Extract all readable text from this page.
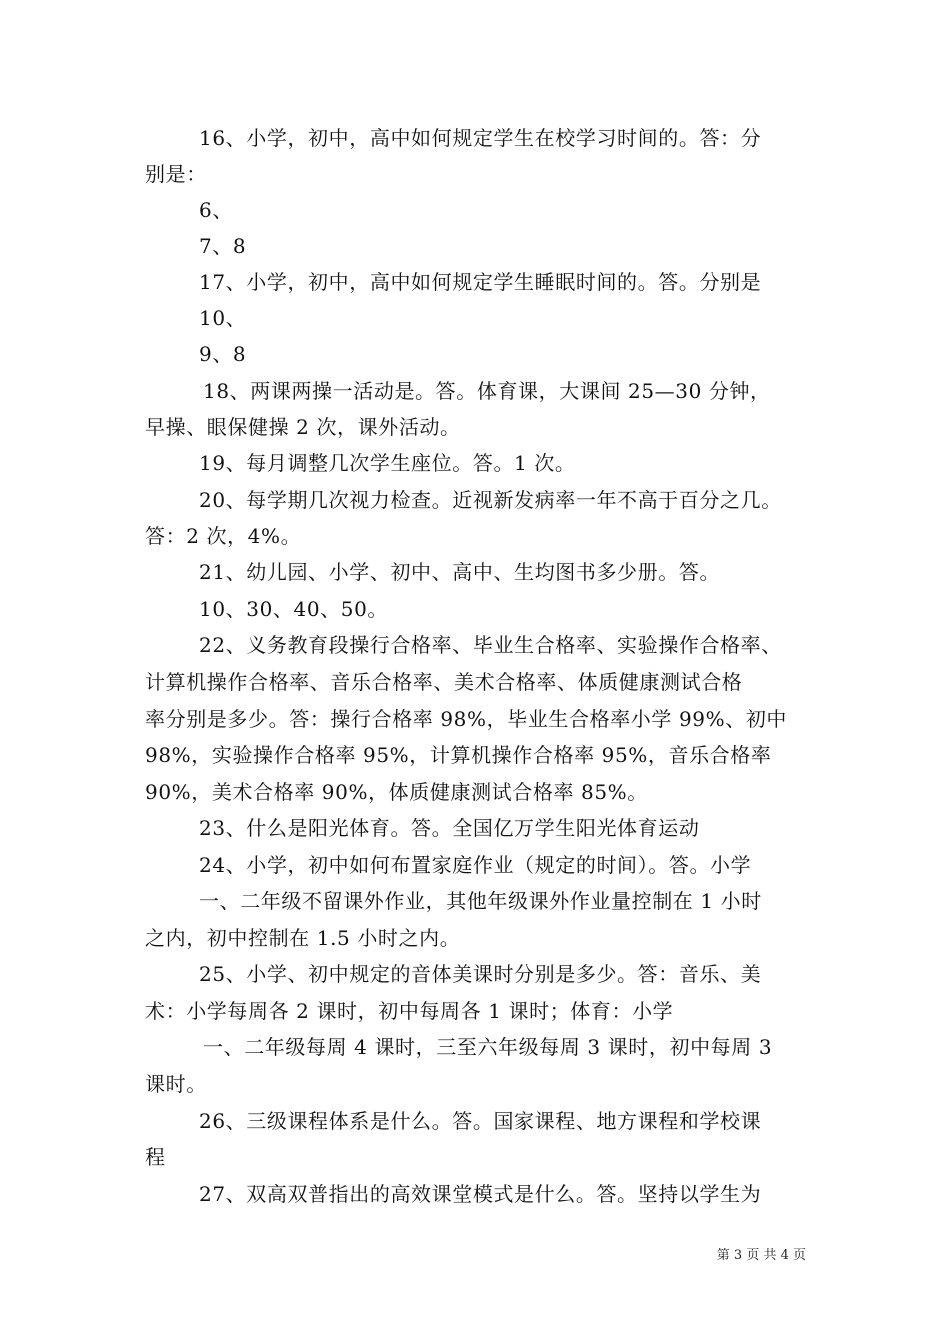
16、小学，初中，高中如何规定学生在校学习时间的。答：分
别是：
6、
7、8
17、小学，初中，高中如何规定学生睡眠时间的。答。分别是
10、
9、8
18、两课两操一活动是。答。体育课，大课间 25—30 分钟，
早操、眼保健操 2 次，课外活动。
19、每月调整几次学生座位。答。1 次。
20、每学期几次视力检查。近视新发病率一年不高于百分之几。
答：2 次，4%。
21、幼儿园、小学、初中、高中、生均图书多少册。答。
10、30、40、50。
22、义务教育段操行合格率、毕业生合格率、实验操作合格率、
计算机操作合格率、音乐合格率、美术合格率、体质健康测试合格
率分别是多少。答：操行合格率 98%，毕业生合格率小学 99%、初中
98%，实验操作合格率 95%，计算机操作合格率 95%，音乐合格率
90%，美术合格率 90%，体质健康测试合格率 85%。
23、什么是阳光体育。答。全国亿万学生阳光体育运动
24、小学，初中如何布置家庭作业（规定的时间）。答。小学
一、二年级不留课外作业，其他年级课外作业量控制在 1 小时
之内，初中控制在 1.5 小时之内。
25、小学、初中规定的音体美课时分别是多少。答：音乐、美
术：小学每周各 2 课时，初中每周各 1 课时；体育：小学
一、二年级每周 4 课时，三至六年级每周 3 课时，初中每周 3
课时。
26、三级课程体系是什么。答。国家课程、地方课程和学校课
程
27、双高双普指出的高效课堂模式是什么。答。坚持以学生为
第 3 页 共 4 页
